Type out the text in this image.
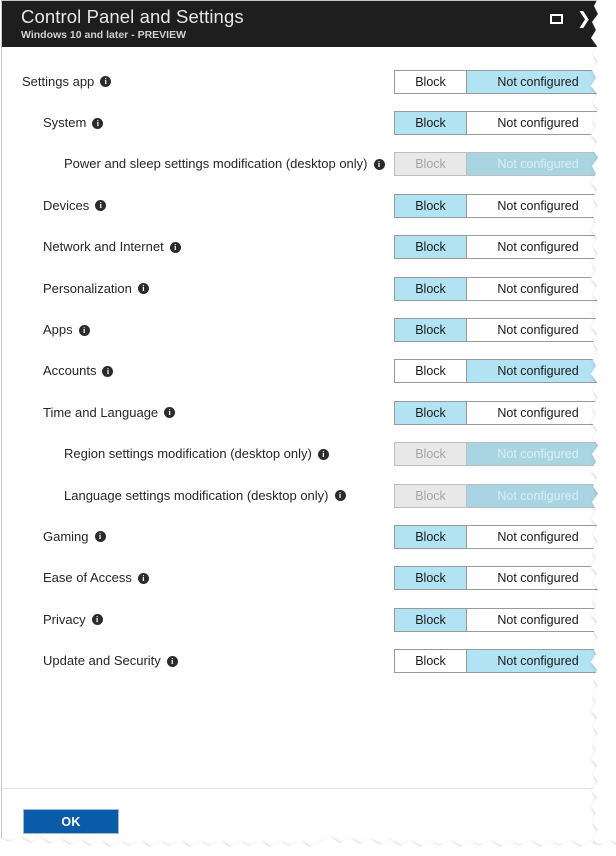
Control Panel and Settings
Windows 10 and later - PREVIEW
❯
Settings app	i	Block	Not configured
System	i	Block	Not configured
Power and sleep settings modification (desktop only)	i	Block	Not configured
Devices	i	Block	Not configured
Network and Internet	i	Block	Not configured
Personalization	i	Block	Not configured
Apps	i	Block	Not configured
Accounts	i	Block	Not configured
Time and Language	i	Block	Not configured
Region settings modification (desktop only)	i	Block	Not configured
Language settings modification (desktop only)	i	Block	Not configured
Gaming	i	Block	Not configured
Ease of Access	i	Block	Not configured
Privacy	i	Block	Not configured
Update and Security	i	Block	Not configured
OK
